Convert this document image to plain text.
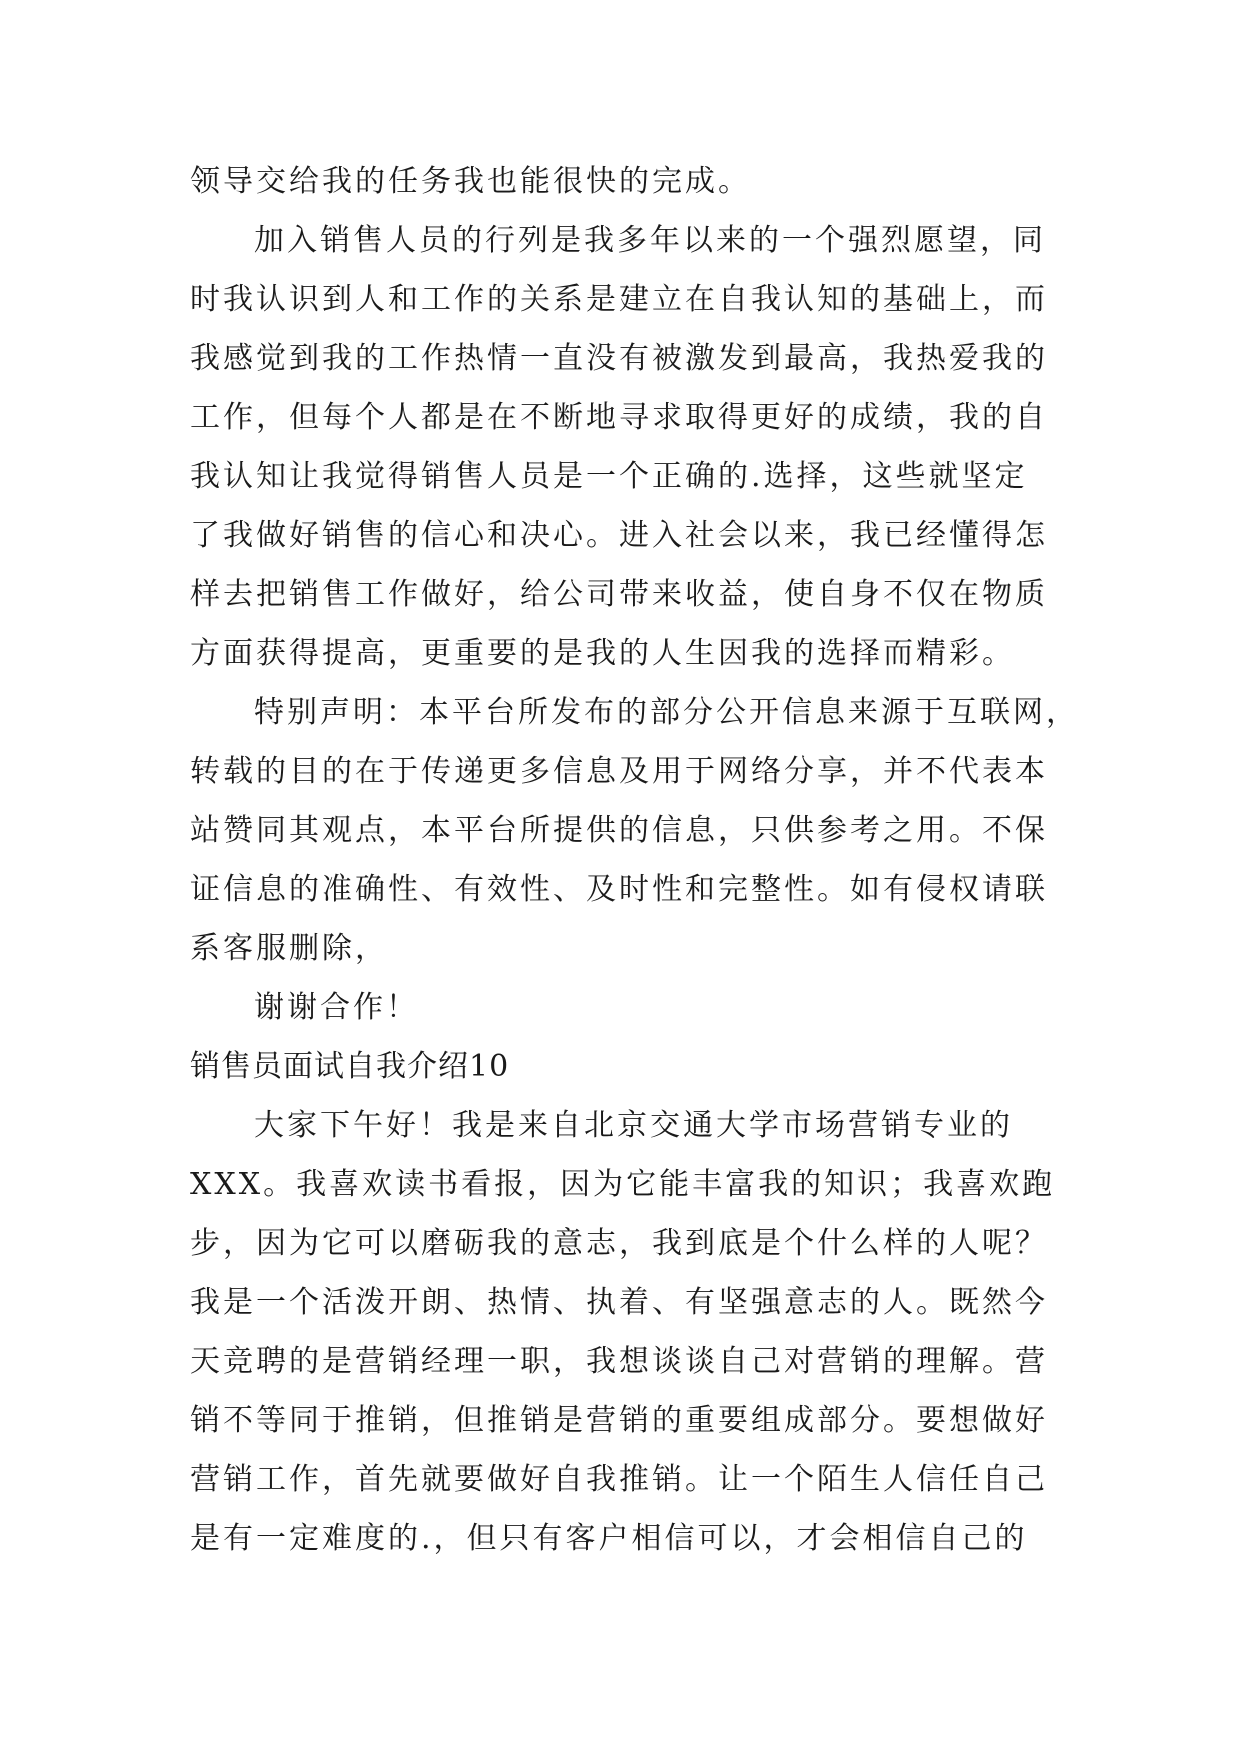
领导交给我的任务我也能很快的完成。

加入销售人员的行列是我多年以来的一个强烈愿望，同

时我认识到人和工作的关系是建立在自我认知的基础上，而

我感觉到我的工作热情一直没有被激发到最高，我热爱我的

工作，但每个人都是在不断地寻求取得更好的成绩，我的自

我认知让我觉得销售人员是一个正确的.选择，这些就坚定

了我做好销售的信心和决心。进入社会以来，我已经懂得怎

样去把销售工作做好，给公司带来收益，使自身不仅在物质

方面获得提高，更重要的是我的人生因我的选择而精彩。

特别声明：本平台所发布的部分公开信息来源于互联网，

转载的目的在于传递更多信息及用于网络分享，并不代表本

站赞同其观点，本平台所提供的信息，只供参考之用。不保

证信息的准确性、有效性、及时性和完整性。如有侵权请联

系客服删除，

谢谢合作！

销售员面试自我介绍10

大家下午好！我是来自北京交通大学市场营销专业的

XXX。我喜欢读书看报，因为它能丰富我的知识；我喜欢跑

步，因为它可以磨砺我的意志，我到底是个什么样的人呢？

我是一个活泼开朗、热情、执着、有坚强意志的人。既然今

天竞聘的是营销经理一职，我想谈谈自己对营销的理解。营

销不等同于推销，但推销是营销的重要组成部分。要想做好

营销工作，首先就要做好自我推销。让一个陌生人信任自己

是有一定难度的.，但只有客户相信可以，才会相信自己的
